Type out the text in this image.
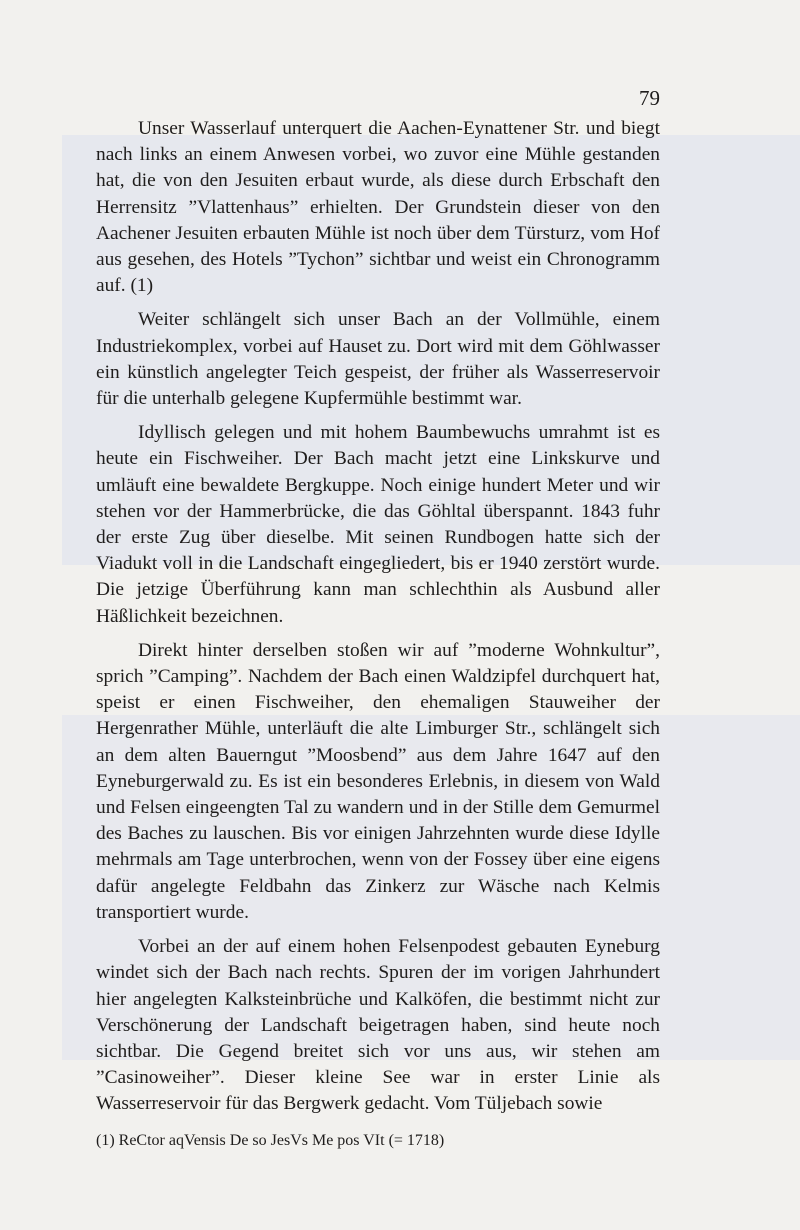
79

Unser Wasserlauf unterquert die Aachen-Eynattener Str. und biegt nach links an einem Anwesen vorbei, wo zuvor eine Mühle gestanden hat, die von den Jesuiten erbaut wurde, als diese durch Erbschaft den Herrensitz ”Vlattenhaus” erhielten. Der Grundstein dieser von den Aachener Jesuiten erbauten Mühle ist noch über dem Türsturz, vom Hof aus gesehen, des Hotels ”Tychon” sichtbar und weist ein Chronogramm auf. (1)

Weiter schlängelt sich unser Bach an der Vollmühle, einem Industriekomplex, vorbei auf Hauset zu. Dort wird mit dem Göhlwasser ein künstlich angelegter Teich gespeist, der früher als Wasserreservoir für die unterhalb gelegene Kupfermühle bestimmt war.

Idyllisch gelegen und mit hohem Baumbewuchs umrahmt ist es heute ein Fischweiher. Der Bach macht jetzt eine Linkskurve und umläuft eine bewaldete Bergkuppe. Noch einige hundert Meter und wir stehen vor der Hammerbrücke, die das Göhltal überspannt. 1843 fuhr der erste Zug über dieselbe. Mit seinen Rundbogen hatte sich der Viadukt voll in die Landschaft eingegliedert, bis er 1940 zerstört wurde. Die jetzige Überführung kann man schlechthin als Ausbund aller Häßlichkeit bezeichnen.

Direkt hinter derselben stoßen wir auf ”moderne Wohnkultur”, sprich ”Camping”. Nachdem der Bach einen Waldzipfel durchquert hat, speist er einen Fischweiher, den ehemaligen Stauweiher der Hergenrather Mühle, unterläuft die alte Limburger Str., schlängelt sich an dem alten Bauerngut ”Moosbend” aus dem Jahre 1647 auf den Eyneburgerwald zu. Es ist ein besonderes Erlebnis, in diesem von Wald und Felsen eingeengten Tal zu wandern und in der Stille dem Gemurmel des Baches zu lauschen. Bis vor einigen Jahrzehnten wurde diese Idylle mehrmals am Tage unterbrochen, wenn von der Fossey über eine eigens dafür angelegte Feldbahn das Zinkerz zur Wäsche nach Kelmis transportiert wurde.

Vorbei an der auf einem hohen Felsenpodest gebauten Eyneburg windet sich der Bach nach rechts. Spuren der im vorigen Jahrhundert hier angelegten Kalksteinbrüche und Kalköfen, die bestimmt nicht zur Verschönerung der Landschaft beigetragen haben, sind heute noch sichtbar. Die Gegend breitet sich vor uns aus, wir stehen am ”Casinoweiher”. Dieser kleine See war in erster Linie als Wasserreservoir für das Bergwerk gedacht. Vom Tüljebach sowie

(1) ReCtor aqVensis De so JesVs Me pos VIt (= 1718)
